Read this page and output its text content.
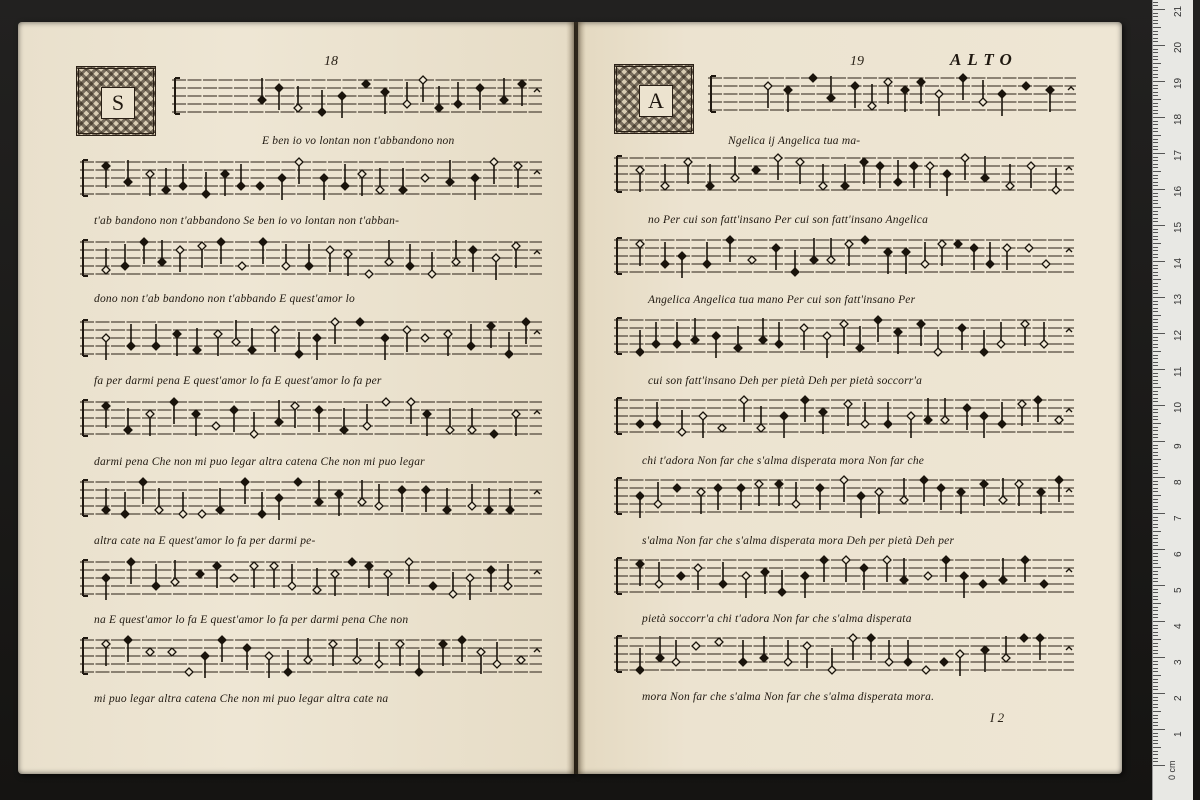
18
S
19	ALTO
A
E ben io vo lontan non t'abbandono non
t'ab bandono non t'abbandono Se ben io vo lontan non t'abban-
dono non t'ab bandono non t'abbando E quest'amor lo
fa per darmi pena E quest'amor lo fa E quest'amor lo fa per
darmi pena Che non mi puo legar altra catena Che non mi puo legar
altra cate na E quest'amor lo fa per darmi pe-
na E quest'amor lo fa E quest'amor lo fa per darmi pena Che non
mi puo legar altra catena Che non mi puo legar altra cate na
Ngelica ij Angelica tua ma-
no Per cui son fatt'insano Per cui son fatt'insano Angelica
Angelica Angelica tua mano Per cui son fatt'insano Per
cui son fatt'insano Deh per pietà Deh per pietà soccorr'a
chi t'adora Non far che s'alma disperata mora Non far che
s'alma Non far che s'alma disperata mora Deh per pietà Deh per
pietà soccorr'a chi t'adora Non far che s'alma disperata
mora Non far che s'alma Non far che s'alma disperata mora.
I 2
0 cm
1
2
3
4
5
6
7
8
9
10
11
12
13
14
15
16
17
18
19
20
21
